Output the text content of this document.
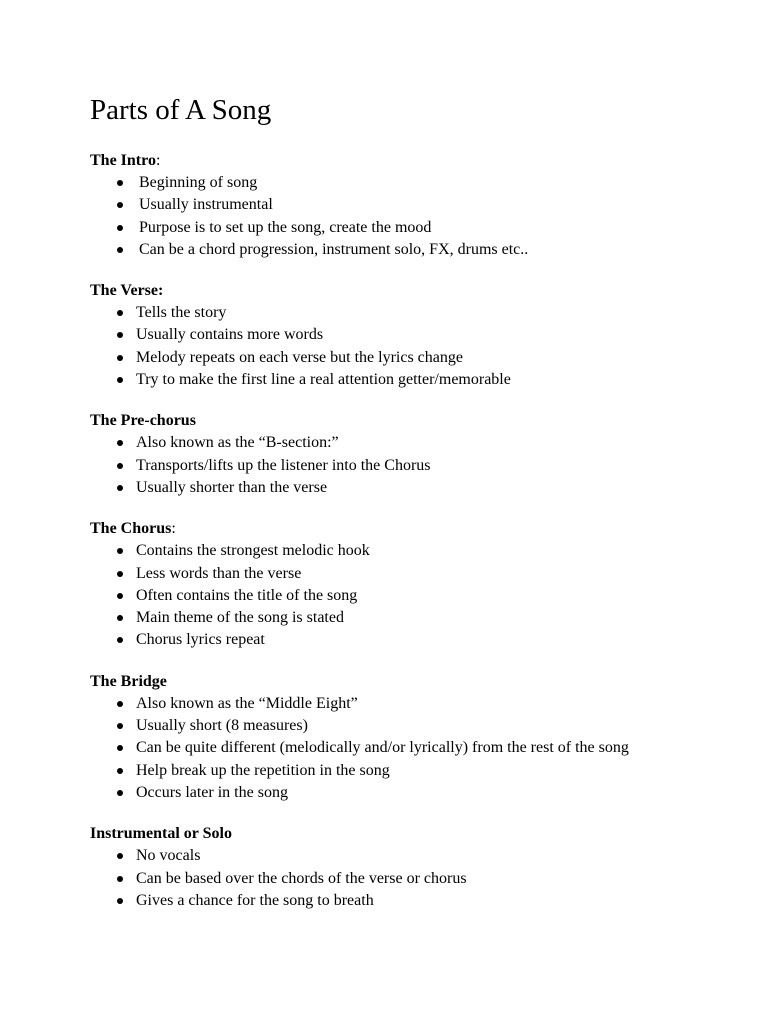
Parts of A Song

The Intro:

Beginning of song
Usually instrumental
Purpose is to set up the song, create the mood
Can be a chord progression, instrument solo, FX, drums etc..

The Verse:

Tells the story
Usually contains more words
Melody repeats on each verse but the lyrics change
Try to make the first line a real attention getter/memorable

The Pre-chorus

Also known as the “B-section:”
Transports/lifts up the listener into the Chorus
Usually shorter than the verse

The Chorus:

Contains the strongest melodic hook
Less words than the verse
Often contains the title of the song
Main theme of the song is stated
Chorus lyrics repeat

The Bridge

Also known as the “Middle Eight”
Usually short (8 measures)
Can be quite different (melodically and/or lyrically) from the rest of the song
Help break up the repetition in the song
Occurs later in the song

Instrumental or Solo

No vocals
Can be based over the chords of the verse or chorus
Gives a chance for the song to breath
